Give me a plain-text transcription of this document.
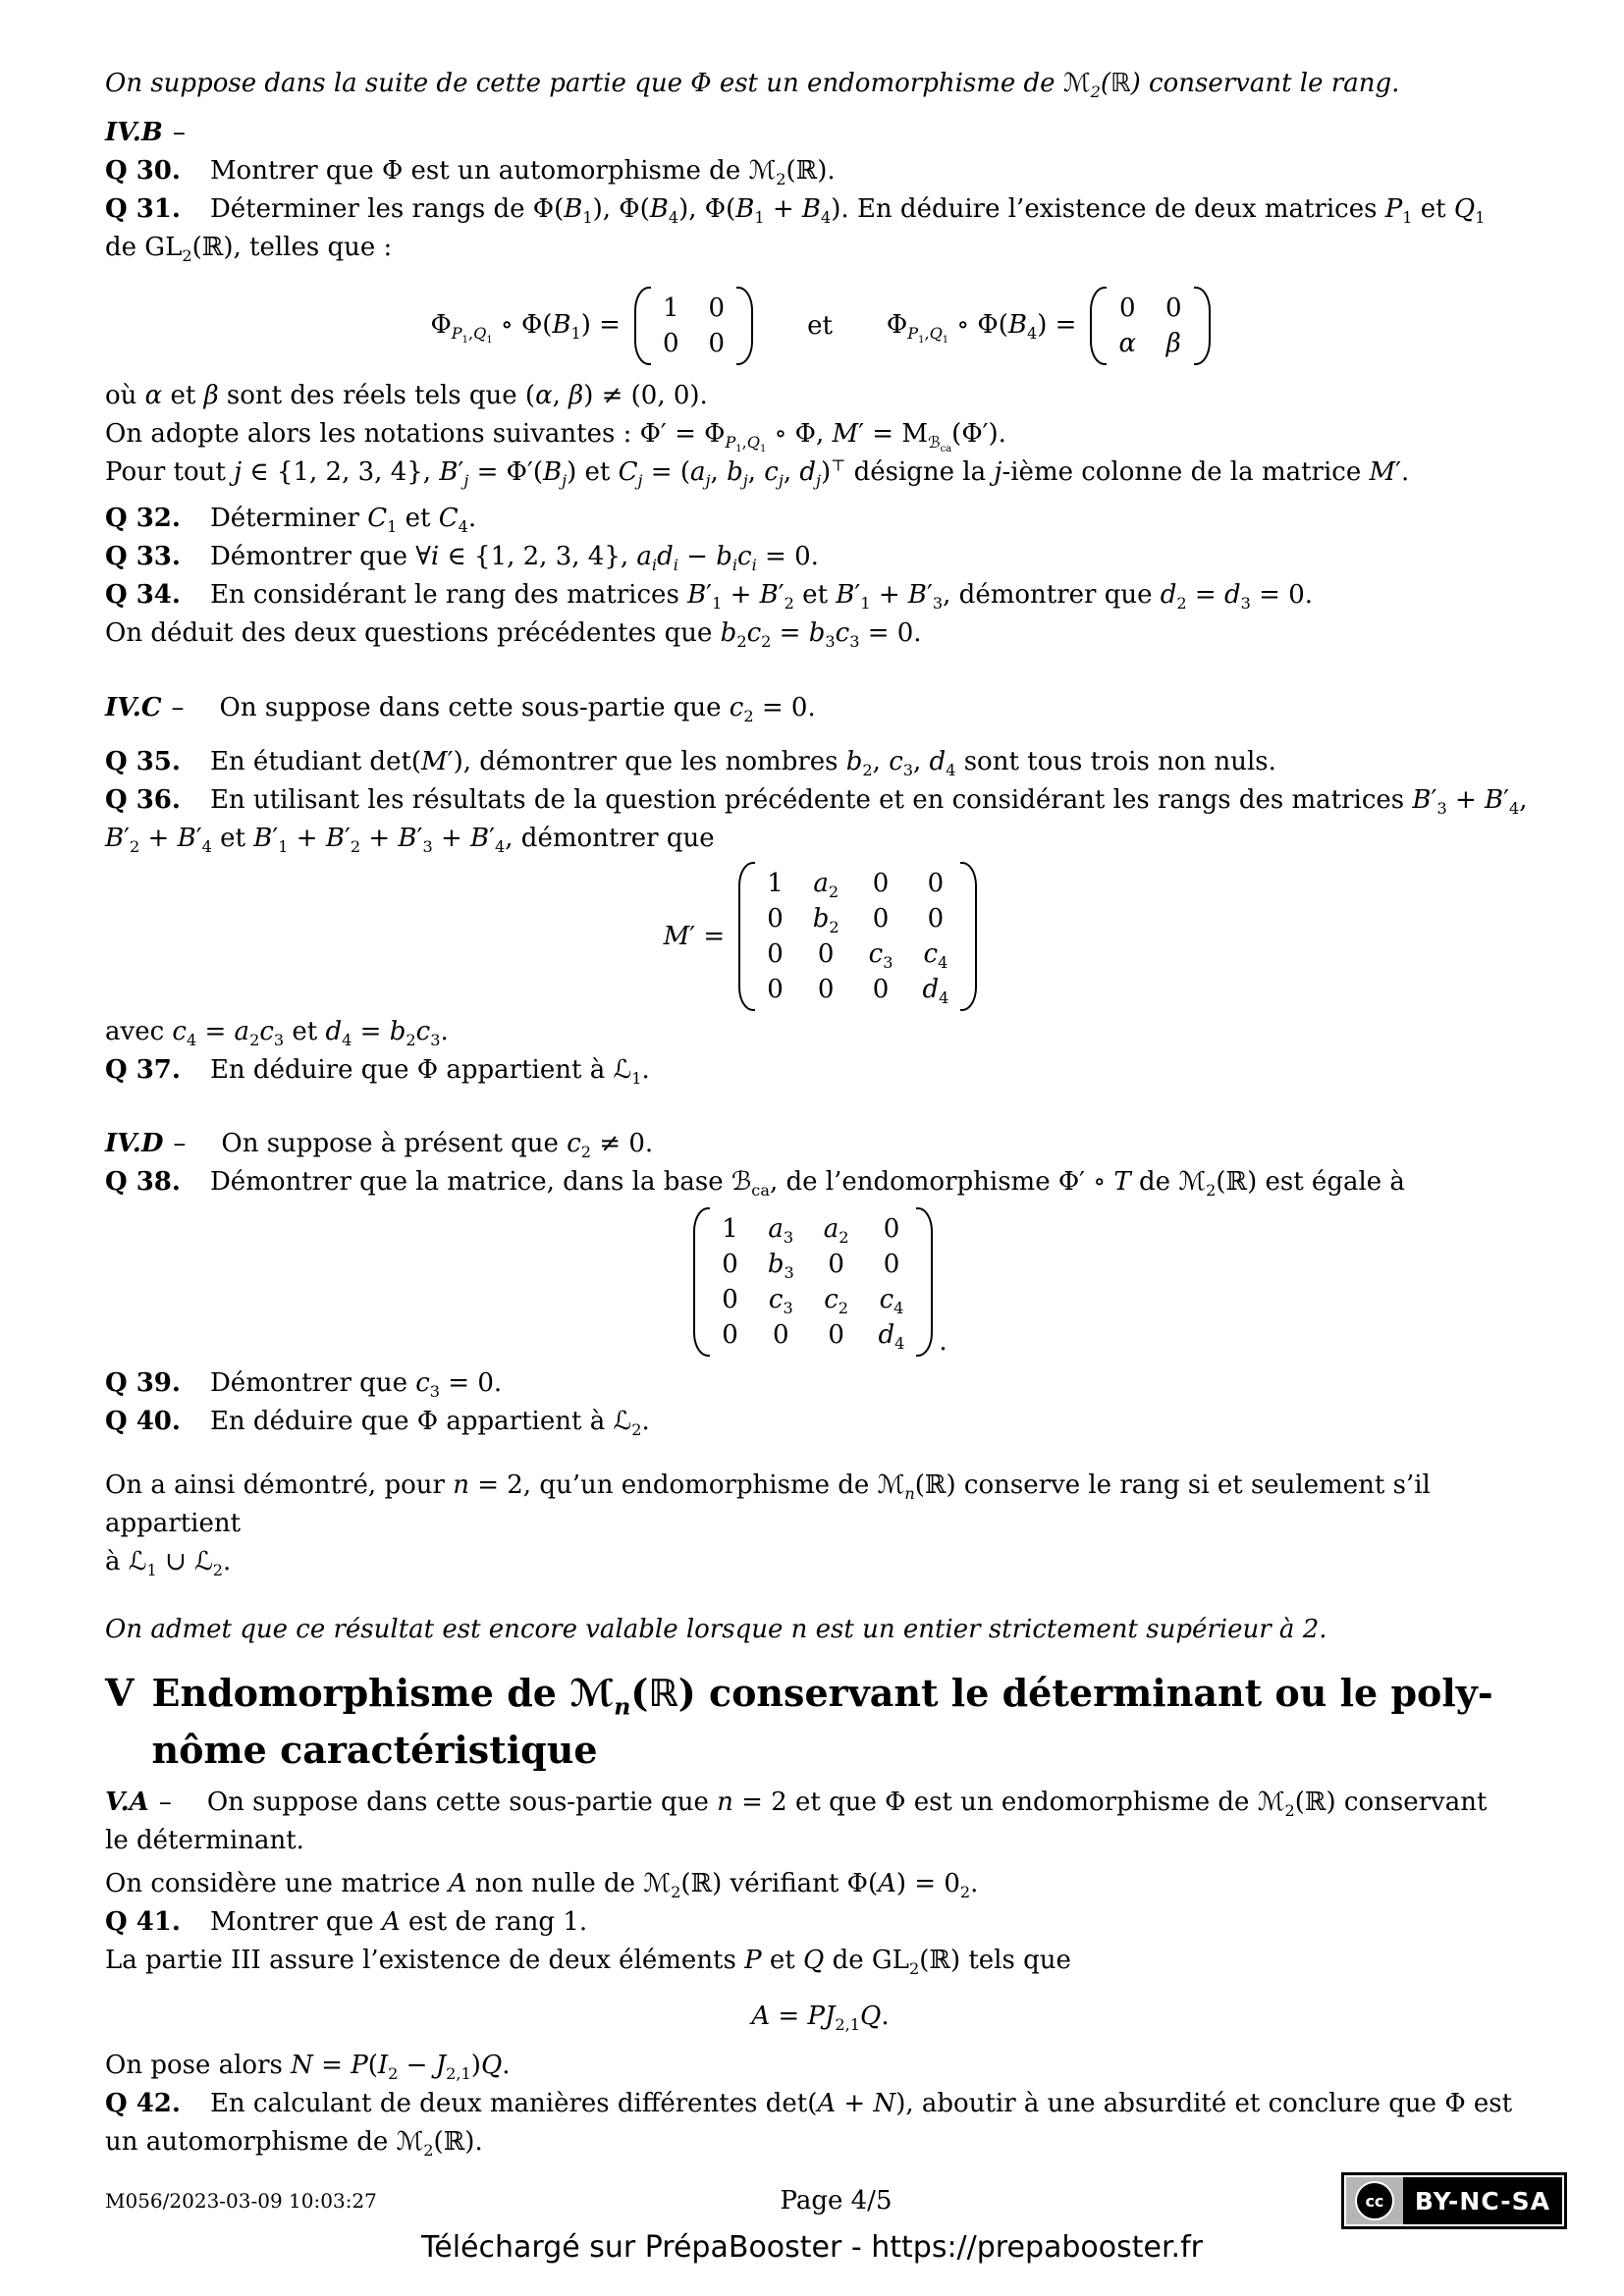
On suppose dans la suite de cette partie que Φ est un endomorphisme de ℳ$_2$(ℝ) conservant le rang.

IV.B –

Q 30. Montrer que Φ est un automorphisme de ℳ$_2$(ℝ).

Q 31. Déterminer les rangs de $\Phi(B_1)$, $\Phi(B_4)$, $\Phi(B_1 + B_4)$. En déduire l’existence de deux matrices $P_1$ et $Q_1$
de $GL_2(ℝ)$, telles que :

$\Phi_{P_1,Q_1}$ ∘ $\Phi(B_1)$ =
1 0
0 0
et $\Phi_{P_1,Q_1}$ ∘ $\Phi(B_4)$ =
0 0
α β

où α et β sont des réels tels que (α, β) ≠ (0, 0).

On adopte alors les notations suivantes : $\Phi' = \Phi_{P_1,Q_1}$ ∘ Φ, $M' = M_{ℬ_{ca}}(\Phi')$.

Pour tout j ∈ {1, 2, 3, 4}, $B'_j = \Phi'(B_j)$ et $C_j = (a_j$, $b_j$, $c_j$, $d_j)^⊤$ désigne la j-ième colonne de la matrice M′.

Q 32. Déterminer $C_1$ et $C_4$.

Q 33. Démontrer que ∀i ∈ {1, 2, 3, 4}, $a_id_i - b_ic_i = 0$.

Q 34. En considérant le rang des matrices $B'_1 + B'_2$ et $B'_1 + B'_3$, démontrer que $d_2 = d_3 = 0$.

On déduit des deux questions précédentes que $b_2c_2 = b_3c_3 = 0$.

IV.C – On suppose dans cette sous-partie que $c_2 = 0$.

Q 35. En étudiant det(M′), démontrer que les nombres $b_2$, $c_3$, $d_4$ sont tous trois non nuls.

Q 36. En utilisant les résultats de la question précédente et en considérant les rangs des matrices $B'_3 + B'_4$,
$B'_2 + B'_4$ et $B'_1 + B'_2 + B'_3 + B'_4$, démontrer que

M′ =
1 $a_2$ 0 0
0 $b_2$ 0 0
0 0 $c_3$ $c_4$
0 0 0 $d_4$

avec $c_4 = a_2c_3$ et $d_4 = b_2c_3$.

Q 37. En déduire que Φ appartient à ℒ$_1$.

IV.D – On suppose à présent que $c_2 \ne 0$.

Q 38. Démontrer que la matrice, dans la base ℬ$_{ca}$, de l’endomorphisme Φ′ ∘ T de ℳ$_2$(ℝ) est égale à

1 $a_3$ $a_2$ 0
0 $b_3$ 0 0
0 $c_3$ $c_2$ $c_4$
0 0 0 $d_4$ .

Q 39. Démontrer que $c_3 = 0$.

Q 40. En déduire que Φ appartient à ℒ$_2$.

On a ainsi démontré, pour n = 2, qu’un endomorphisme de ℳ$_n$(ℝ) conserve le rang si et seulement s’il appartient
à ℒ$_1$ ∪ ℒ$_2$.

On admet que ce résultat est encore valable lorsque n est un entier strictement supérieur à 2.

V Endomorphisme de ℳ$_n$(ℝ) conservant le déterminant ou le poly-
nôme caractéristique

V.A – On suppose dans cette sous-partie que n = 2 et que Φ est un endomorphisme de ℳ$_2$(ℝ) conservant
le déterminant.

On considère une matrice A non nulle de ℳ$_2$(ℝ) vérifiant $\Phi(A) = 0_2$.

Q 41. Montrer que A est de rang 1.

La partie III assure l’existence de deux éléments P et Q de $GL_2(ℝ)$ tels que

$A = PJ_{2,1}Q$.

On pose alors $N = P(I_2 - J_{2,1})Q$.

Q 42. En calculant de deux manières différentes det(A + N), aboutir à une absurdité et conclure que Φ est
un automorphisme de ℳ$_2$(ℝ).

M056/2023-03-09 10:03:27	Page 4/5	cc	BY-NC-SA
Téléchargé sur PrépaBooster - https://prepabooster.fr
